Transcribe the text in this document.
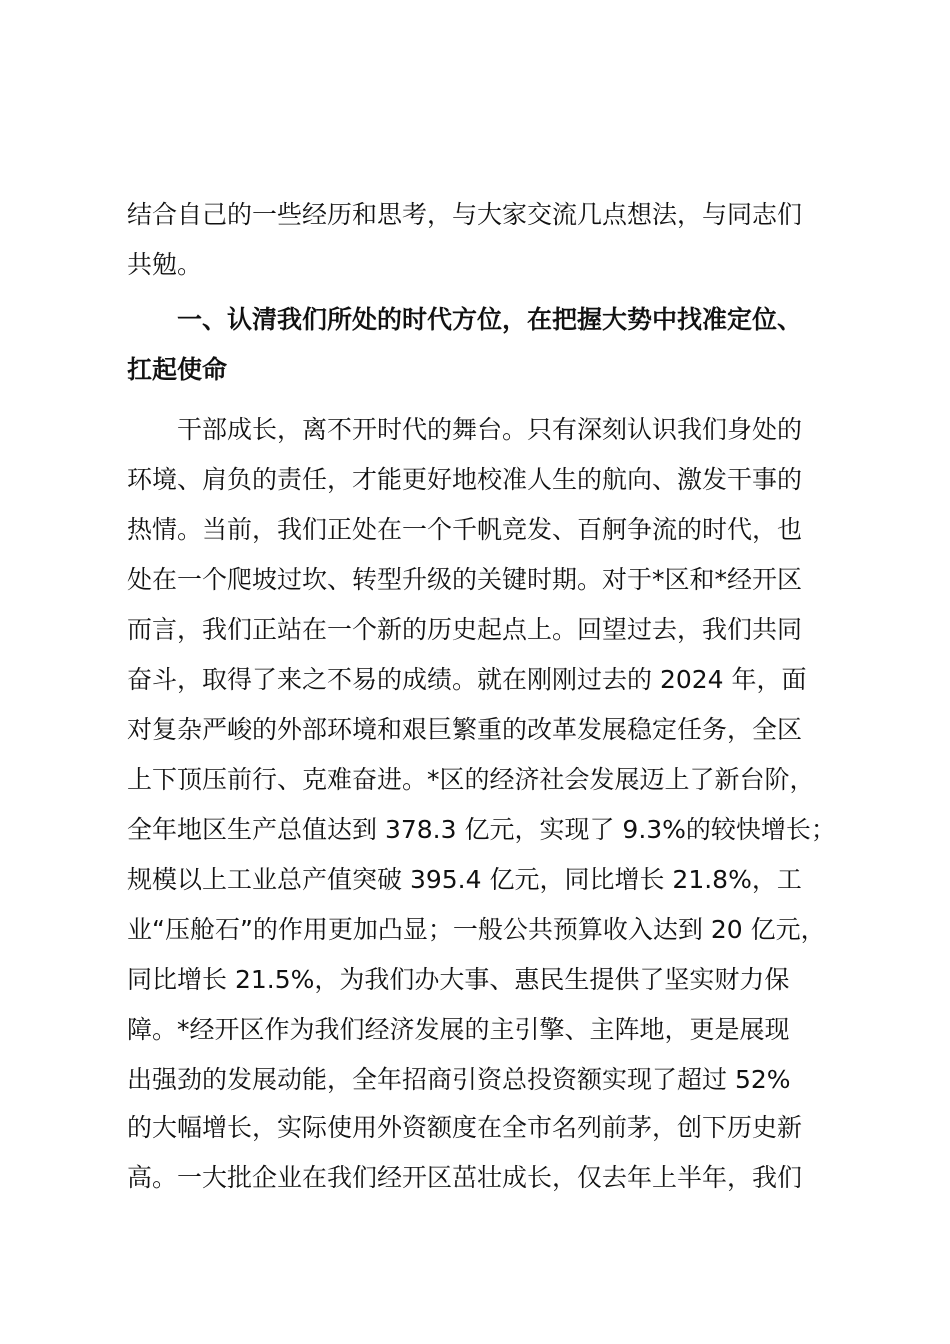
结合自己的一些经历和思考，与大家交流几点想法，与同志们
共勉。
一、认清我们所处的时代方位，在把握大势中找准定位、
扛起使命
干部成长，离不开时代的舞台。只有深刻认识我们身处的
环境、肩负的责任，才能更好地校准人生的航向、激发干事的
热情。当前，我们正处在一个千帆竞发、百舸争流的时代，也
处在一个爬坡过坎、转型升级的关键时期。对于*区和*经开区
而言，我们正站在一个新的历史起点上。回望过去，我们共同
奋斗，取得了来之不易的成绩。就在刚刚过去的 2024 年，面
对复杂严峻的外部环境和艰巨繁重的改革发展稳定任务，全区
上下顶压前行、克难奋进。*区的经济社会发展迈上了新台阶，
全年地区生产总值达到 378.3 亿元，实现了 9.3%的较快增长；
规模以上工业总产值突破 395.4 亿元，同比增长 21.8%，工
业“压舱石”的作用更加凸显；一般公共预算收入达到 20 亿元，
同比增长 21.5%，为我们办大事、惠民生提供了坚实财力保
障。*经开区作为我们经济发展的主引擎、主阵地，更是展现
出强劲的发展动能，全年招商引资总投资额实现了超过 52%
的大幅增长，实际使用外资额度在全市名列前茅，创下历史新
高。一大批企业在我们经开区茁壮成长，仅去年上半年，我们
